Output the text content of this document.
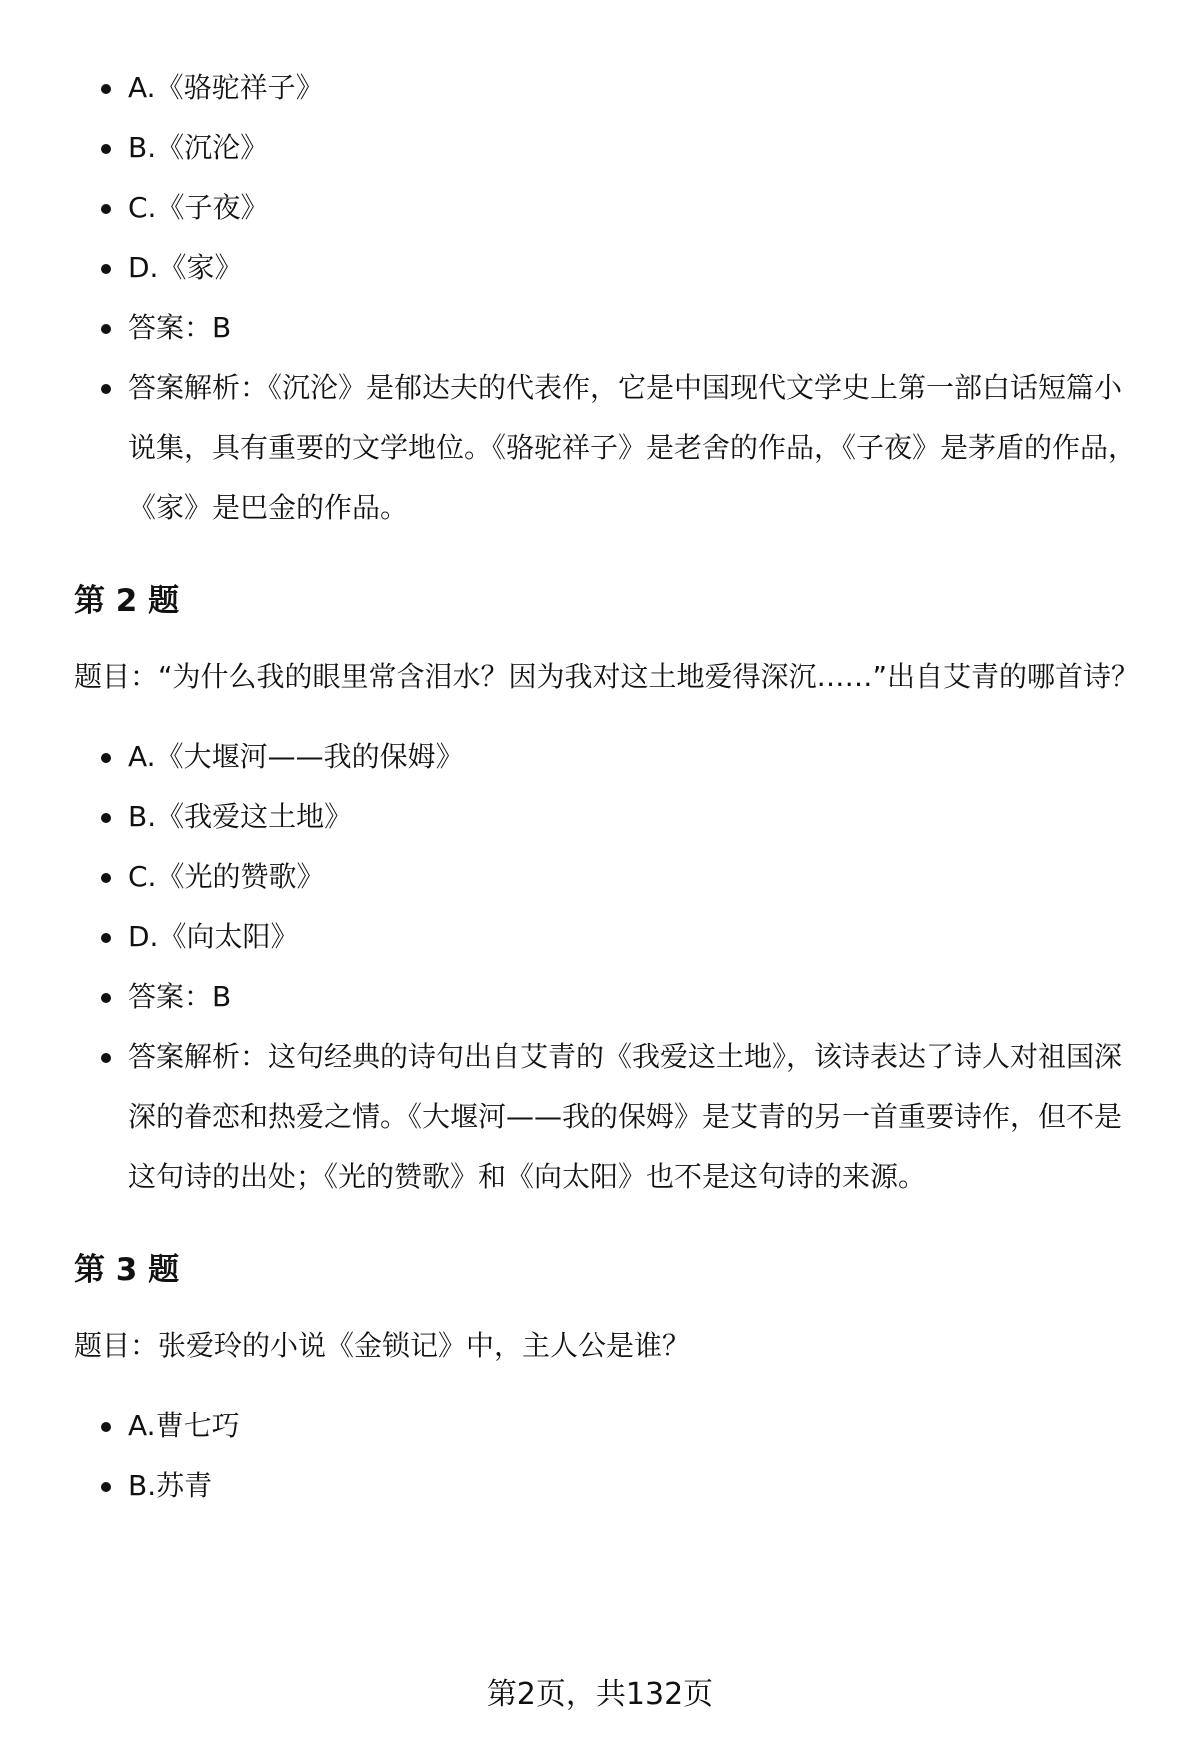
A.《骆驼祥子》
B.《沉沦》
C.《子夜》
D.《家》
答案：B
答案解析：《沉沦》是郁达夫的代表作，它是中国现代文学史上第一部白话短篇小说集，具有重要的文学地位。《骆驼祥子》是老舍的作品，《子夜》是茅盾的作品，《家》是巴金的作品。
第 2 题

题目：“为什么我的眼里常含泪水？因为我对这土地爱得深沉……”出自艾青的哪首诗？

A.《大堰河——我的保姆》
B.《我爱这土地》
C.《光的赞歌》
D.《向太阳》
答案：B
答案解析：这句经典的诗句出自艾青的《我爱这土地》，该诗表达了诗人对祖国深深的眷恋和热爱之情。《大堰河——我的保姆》是艾青的另一首重要诗作，但不是这句诗的出处；《光的赞歌》和《向太阳》也不是这句诗的来源。
第 3 题

题目：张爱玲的小说《金锁记》中，主人公是谁？

A.曹七巧
B.苏青
第2页，共132页
